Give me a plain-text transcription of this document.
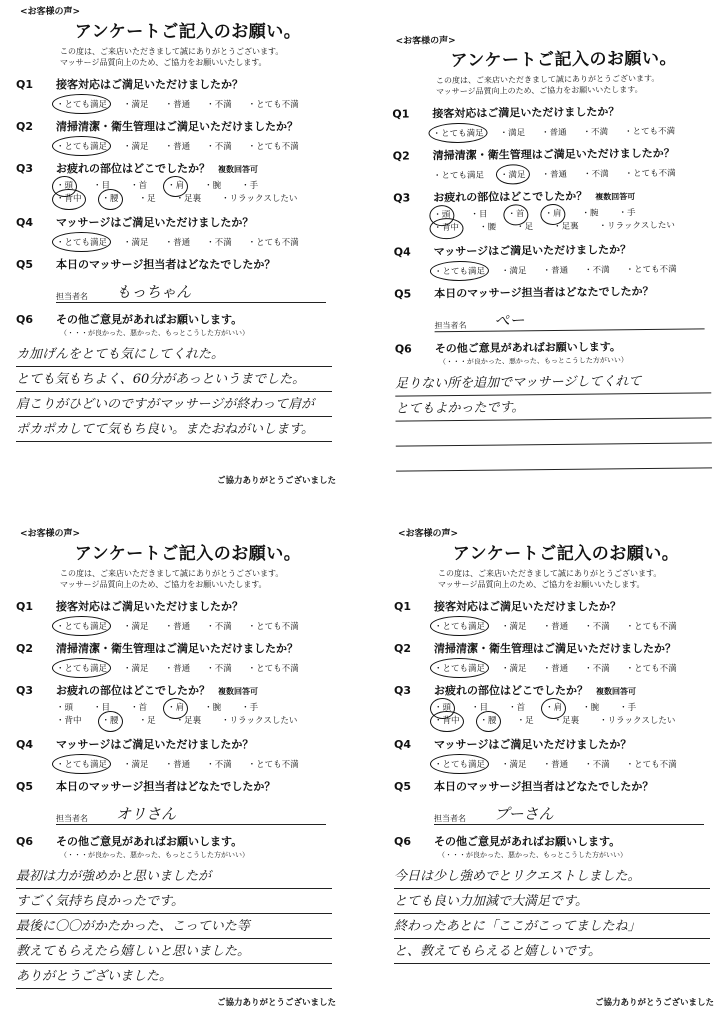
<お客様の声>
アンケートご記入のお願い。
この度は、ご来店いただきまして誠にありがとうございます。
マッサージ品質向上のため、ご協力をお願いいたします。
Q1	接客対応はご満足いただけましたか？
・ とても満足	・ 満足	・ 普通	・ 不満	・ とても不満
Q2	清掃清潔・衛生管理はご満足いただけましたか？
・ とても満足	・ 満足	・ 普通	・ 不満	・ とても不満
Q3	お疲れの部位はどこでしたか？ 複数回答可
・ 頭	・ 目	・ 首	・ 肩	・ 腕	・ 手
・ 背中	・ 腰	・ 足	・ 足裏	・ リラックスしたい
Q4	マッサージはご満足いただけましたか？
・ とても満足	・ 満足	・ 普通	・ 不満	・ とても不満
Q5	本日のマッサージ担当者はどなたでしたか？
担当者名 もっちゃん
Q6	その他ご意見があればお願いします。
（・・・が良かった、悪かった、もっとこうした方がいい）
カ加げんをとても気にしてくれた。
とても気もちよく、60分があっというまでした。
肩こりがひどいのですがマッサージが終わって肩が
ポカポカしてて気もち良い。またおねがいします。
ご協力ありがとうございました
<お客様の声>
アンケートご記入のお願い。
この度は、ご来店いただきまして誠にありがとうございます。
マッサージ品質向上のため、ご協力をお願いいたします。
Q1	接客対応はご満足いただけましたか？
・ とても満足	・ 満足	・ 普通	・ 不満	・ とても不満
Q2	清掃清潔・衛生管理はご満足いただけましたか？
・ とても満足	・ 満足	・ 普通	・ 不満	・ とても不満
Q3	お疲れの部位はどこでしたか？ 複数回答可
・ 頭	・ 目	・ 首	・ 肩	・ 腕	・ 手
・ 背中	・ 腰	・ 足	・ 足裏	・ リラックスしたい
Q4	マッサージはご満足いただけましたか？
・ とても満足	・ 満足	・ 普通	・ 不満	・ とても不満
Q5	本日のマッサージ担当者はどなたでしたか？
担当者名 ぺー
Q6	その他ご意見があればお願いします。
（・・・が良かった、悪かった、もっとこうした方がいい）
足りない所を追加でマッサージしてくれて
とてもよかったです。
<お客様の声>
アンケートご記入のお願い。
この度は、ご来店いただきまして誠にありがとうございます。
マッサージ品質向上のため、ご協力をお願いいたします。
Q1	接客対応はご満足いただけましたか？
・ とても満足	・ 満足	・ 普通	・ 不満	・ とても不満
Q2	清掃清潔・衛生管理はご満足いただけましたか？
・ とても満足	・ 満足	・ 普通	・ 不満	・ とても不満
Q3	お疲れの部位はどこでしたか？ 複数回答可
・ 頭	・ 目	・ 首	・ 肩	・ 腕	・ 手
・ 背中	・ 腰	・ 足	・ 足裏	・ リラックスしたい
Q4	マッサージはご満足いただけましたか？
・ とても満足	・ 満足	・ 普通	・ 不満	・ とても不満
Q5	本日のマッサージ担当者はどなたでしたか？
担当者名 オリさん
Q6	その他ご意見があればお願いします。
（・・・が良かった、悪かった、もっとこうした方がいい）
最初は力が強めかと思いましたが
すごく気持ち良かったです。
最後に〇〇がかたかった、こっていた等
教えてもらえたら嬉しいと思いました。
ありがとうございました。
ご協力ありがとうございました
<お客様の声>
アンケートご記入のお願い。
この度は、ご来店いただきまして誠にありがとうございます。
マッサージ品質向上のため、ご協力をお願いいたします。
Q1	接客対応はご満足いただけましたか？
・ とても満足	・ 満足	・ 普通	・ 不満	・ とても不満
Q2	清掃清潔・衛生管理はご満足いただけましたか？
・ とても満足	・ 満足	・ 普通	・ 不満	・ とても不満
Q3	お疲れの部位はどこでしたか？ 複数回答可
・ 頭	・ 目	・ 首	・ 肩	・ 腕	・ 手
・ 背中	・ 腰	・ 足	・ 足裏	・ リラックスしたい
Q4	マッサージはご満足いただけましたか？
・ とても満足	・ 満足	・ 普通	・ 不満	・ とても不満
Q5	本日のマッサージ担当者はどなたでしたか？
担当者名 プーさん
Q6	その他ご意見があればお願いします。
（・・・が良かった、悪かった、もっとこうした方がいい）
今日は少し強めでとリクエストしました。
とても良い力加減で大満足です。
終わったあとに「ここがこってましたね」
と、教えてもらえると嬉しいです。
ご協力ありがとうございました
